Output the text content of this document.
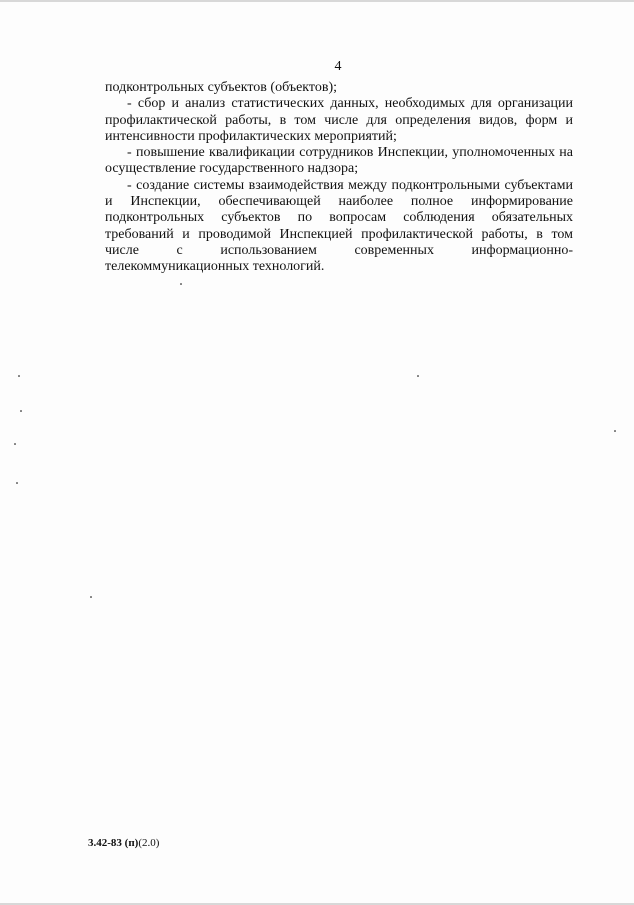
4

подконтрольных субъектов (объектов);

- сбор и анализ статистических данных, необходимых для организации профилактической работы, в том числе для определения видов, форм и интенсивности профилактических мероприятий;

- повышение квалификации сотрудников Инспекции, уполномоченных на осуществление государственного надзора;

- создание системы взаимодействия между подконтрольными субъектами и Инспекции, обеспечивающей наиболее полное информирование подконтрольных субъектов по вопросам соблюдения обязательных требований и проводимой Инспекцией профилактической работы, в том числе с использованием современных информационно-телекоммуникационных технологий.

3.42-83 (п)(2.0)
